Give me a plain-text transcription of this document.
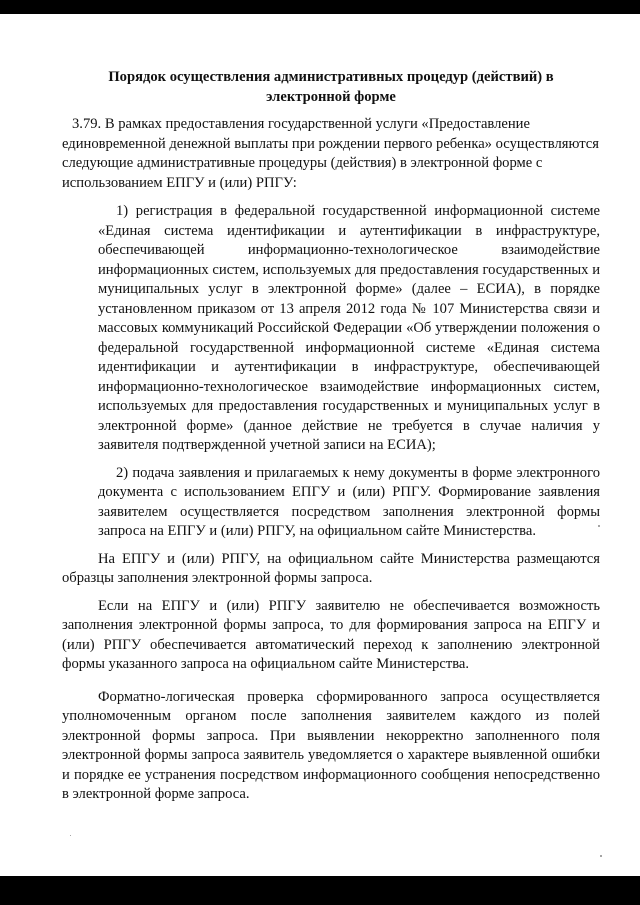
Порядок осуществления административных процедур (действий) в электронной форме

3.79. В рамках предоставления государственной услуги «Предоставление единовременной денежной выплаты при рождении первого ребенка» осуществляются следующие административные процедуры (действия) в электронной форме с использованием ЕПГУ и (или) РПГУ:

1) регистрация в федеральной государственной информационной системе «Единая система идентификации и аутентификации в инфраструктуре, обеспечивающей информационно-технологическое взаимодействие информационных систем, используемых для предоставления государственных и муниципальных услуг в электронной форме» (далее – ЕСИА), в порядке установленном приказом от 13 апреля 2012 года № 107 Министерства связи и массовых коммуникаций Российской Федерации «Об утверждении положения о федеральной государственной информационной системе «Единая система идентификации и аутентификации в инфраструктуре, обеспечивающей информационно-технологическое взаимодействие информационных систем, используемых для предоставления государственных и муниципальных услуг в электронной форме» (данное действие не требуется в случае наличия у заявителя подтвержденной учетной записи на ЕСИА);

2) подача заявления и прилагаемых к нему документы в форме электронного документа с использованием ЕПГУ и (или) РПГУ. Формирование заявления заявителем осуществляется посредством заполнения электронной формы запроса на ЕПГУ и (или) РПГУ, на официальном сайте Министерства.

На ЕПГУ и (или) РПГУ, на официальном сайте Министерства размещаются образцы заполнения электронной формы запроса.

Если на ЕПГУ и (или) РПГУ заявителю не обеспечивается возможность заполнения электронной формы запроса, то для формирования запроса на ЕПГУ и (или) РПГУ обеспечивается автоматический переход к заполнению электронной формы указанного запроса на официальном сайте Министерства.

Форматно-логическая проверка сформированного запроса осуществляется уполномоченным органом после заполнения заявителем каждого из полей электронной формы запроса. При выявлении некорректно заполненного поля электронной формы запроса заявитель уведомляется о характере выявленной ошибки и порядке ее устранения посредством информационного сообщения непосредственно в электронной форме запроса.
